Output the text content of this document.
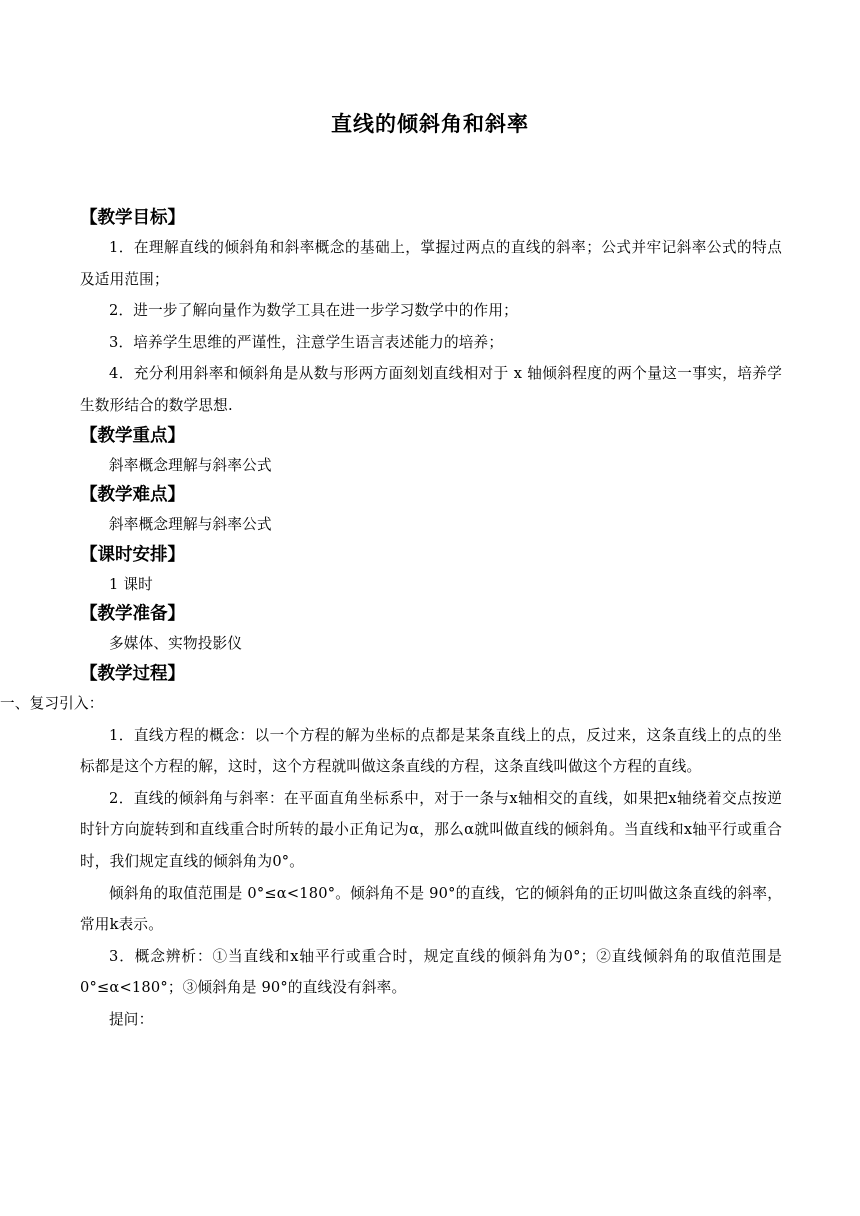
直线的倾斜角和斜率
【教学目标】
1．在理解直线的倾斜角和斜率概念的基础上，掌握过两点的直线的斜率；公式并牢记斜率公式的特点及适用范围；
2．进一步了解向量作为数学工具在进一步学习数学中的作用；
3．培养学生思维的严谨性，注意学生语言表述能力的培养；
4．充分利用斜率和倾斜角是从数与形两方面刻划直线相对于 x 轴倾斜程度的两个量这一事实，培养学生数形结合的数学思想.
【教学重点】
斜率概念理解与斜率公式
【教学难点】
斜率概念理解与斜率公式
【课时安排】
1 课时
【教学准备】
多媒体、实物投影仪
【教学过程】
一、复习引入：
1．直线方程的概念：以一个方程的解为坐标的点都是某条直线上的点，反过来，这条直线上的点的坐标都是这个方程的解，这时，这个方程就叫做这条直线的方程，这条直线叫做这个方程的直线。
2．直线的倾斜角与斜率：在平面直角坐标系中，对于一条与x轴相交的直线，如果把x轴绕着交点按逆时针方向旋转到和直线重合时所转的最小正角记为α，那么α就叫做直线的倾斜角。当直线和x轴平行或重合时，我们规定直线的倾斜角为0°。
倾斜角的取值范围是 0°≤α<180°。倾斜角不是 90°的直线，它的倾斜角的正切叫做这条直线的斜率，常用k表示。
3．概念辨析：①当直线和x轴平行或重合时，规定直线的倾斜角为0°；②直线倾斜角的取值范围是 0°≤α<180°；③倾斜角是 90°的直线没有斜率。
提问：
